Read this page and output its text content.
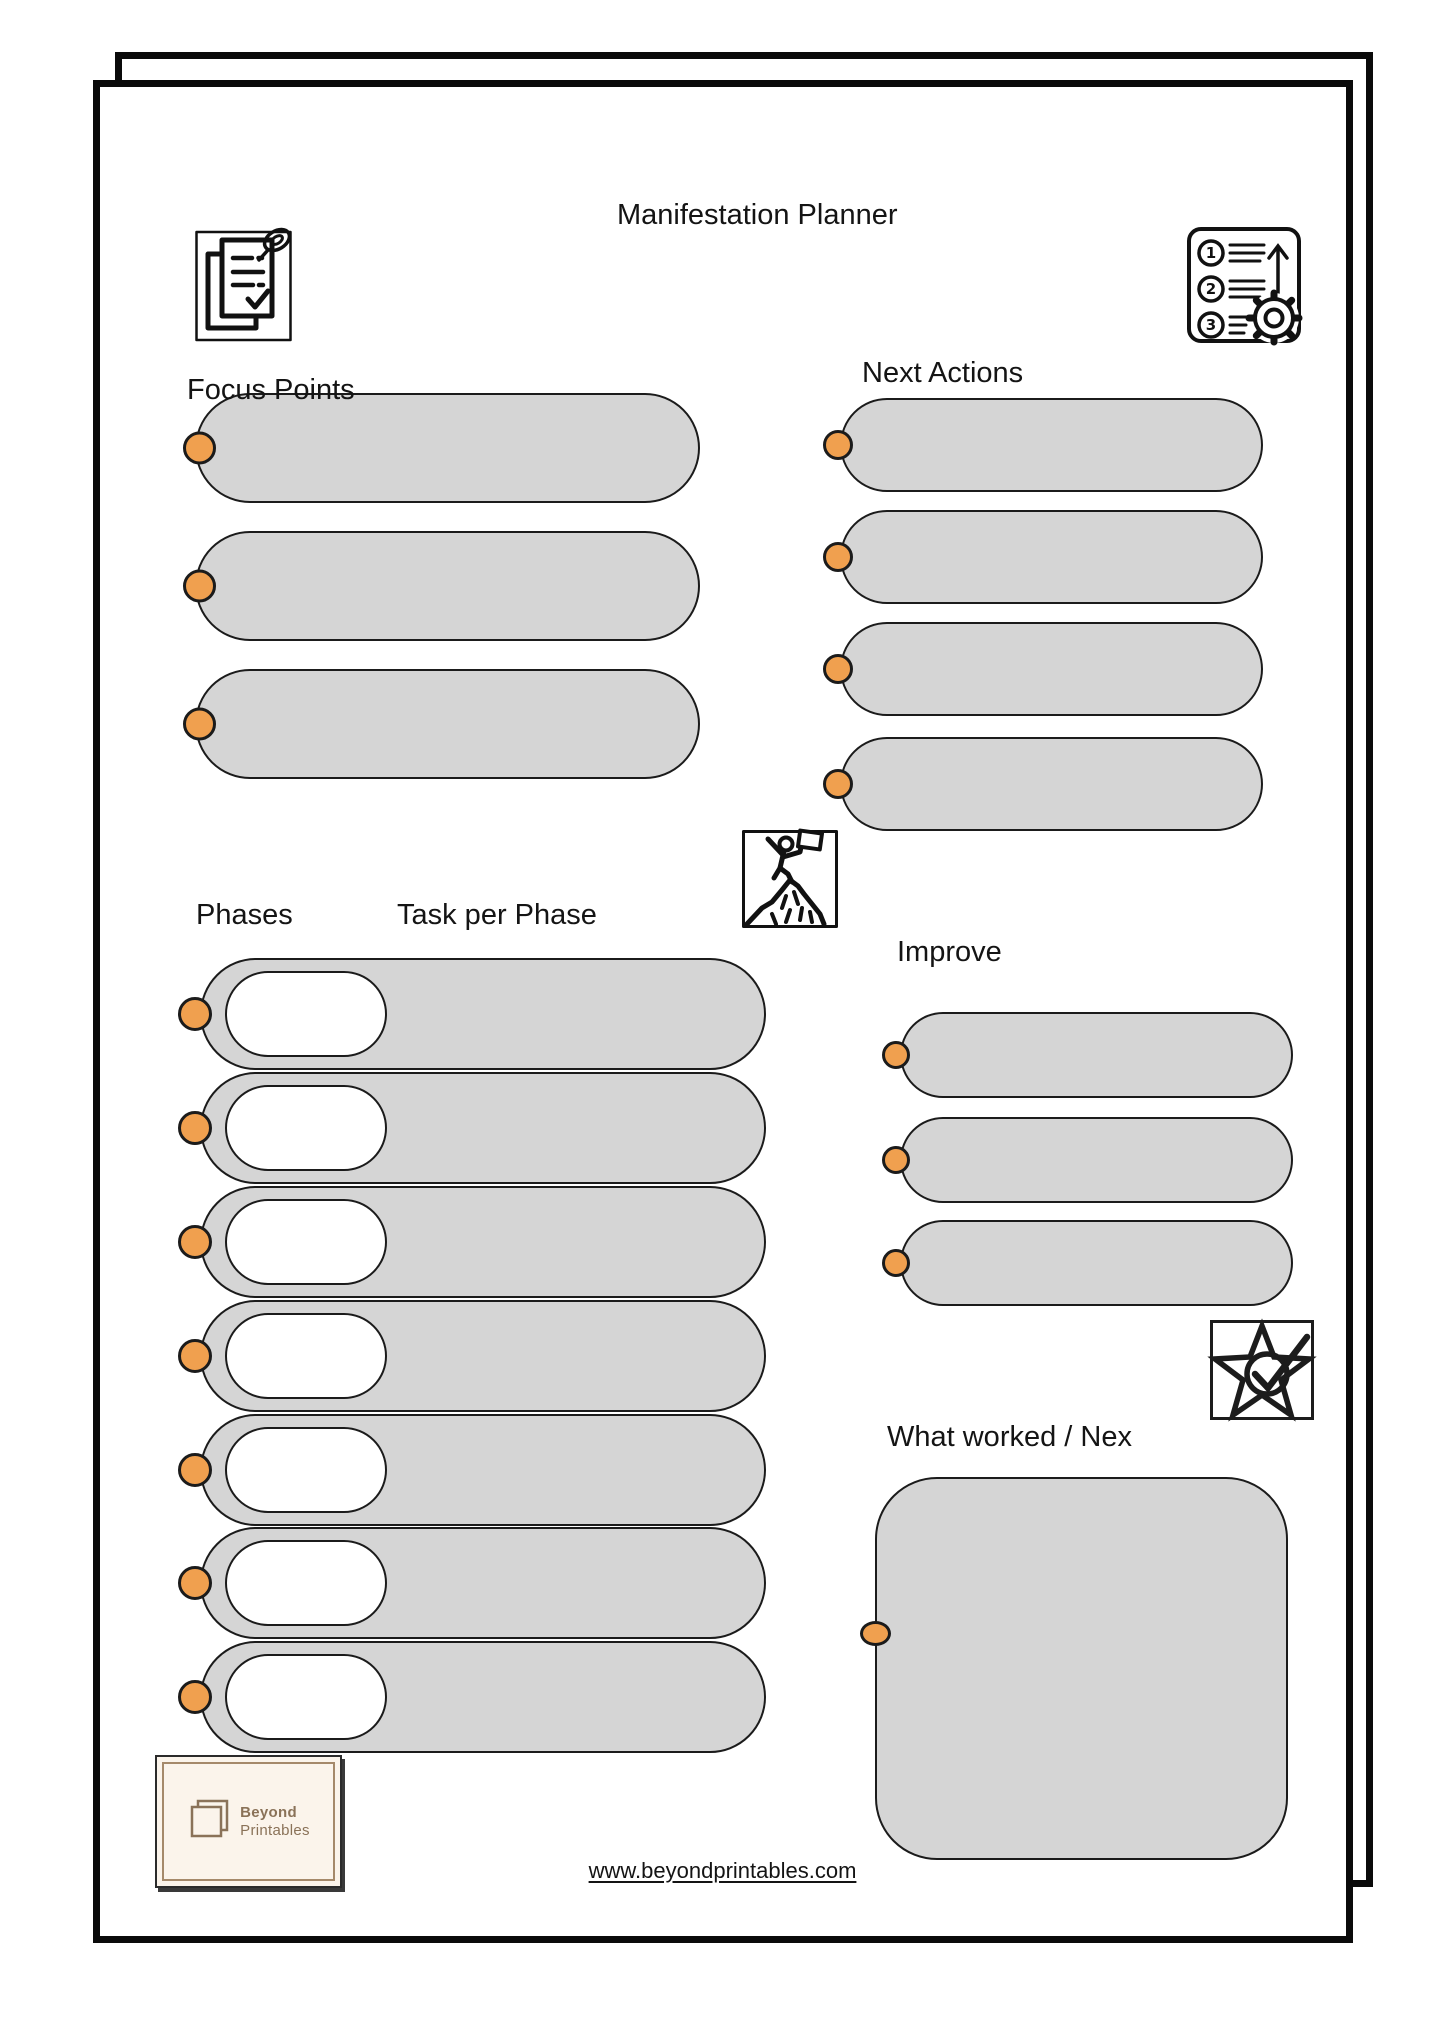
Manifestation Planner
1
2
3
Focus Points
Next Actions
Phases	Task per Phase
Improve
What worked / Nex
Beyond
Printables
www.beyondprintables.com
